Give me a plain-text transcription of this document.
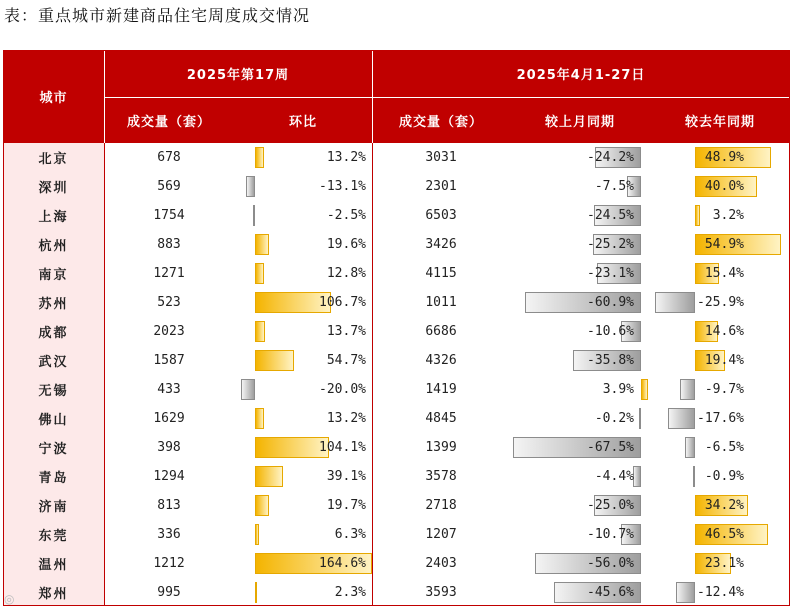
表：重点城市新建商品住宅周度成交情况
城市
2025年第17周	2025年4月1-27日
成交量（套）	环比	成交量（套）	较上月同期	较去年同期
北京	678	13.2%	3031	-24.2%	48.9%
深圳	569	-13.1%	2301	-7.5%	40.0%
上海	1754	-2.5%	6503	-24.5%	3.2%
杭州	883	19.6%	3426	-25.2%	54.9%
南京	1271	12.8%	4115	-23.1%	15.4%
苏州	523	106.7%	1011	-60.9%	-25.9%
成都	2023	13.7%	6686	-10.6%	14.6%
武汉	1587	54.7%	4326	-35.8%	19.4%
无锡	433	-20.0%	1419	3.9%	-9.7%
佛山	1629	13.2%	4845	-0.2%	-17.6%
宁波	398	104.1%	1399	-67.5%	-6.5%
青岛	1294	39.1%	3578	-4.4%	-0.9%
济南	813	19.7%	2718	-25.0%	34.2%
东莞	336	6.3%	1207	-10.7%	46.5%
温州	1212	164.6%	2403	-56.0%	23.1%
郑州	995	2.3%	3593	-45.6%	-12.4%
◎
